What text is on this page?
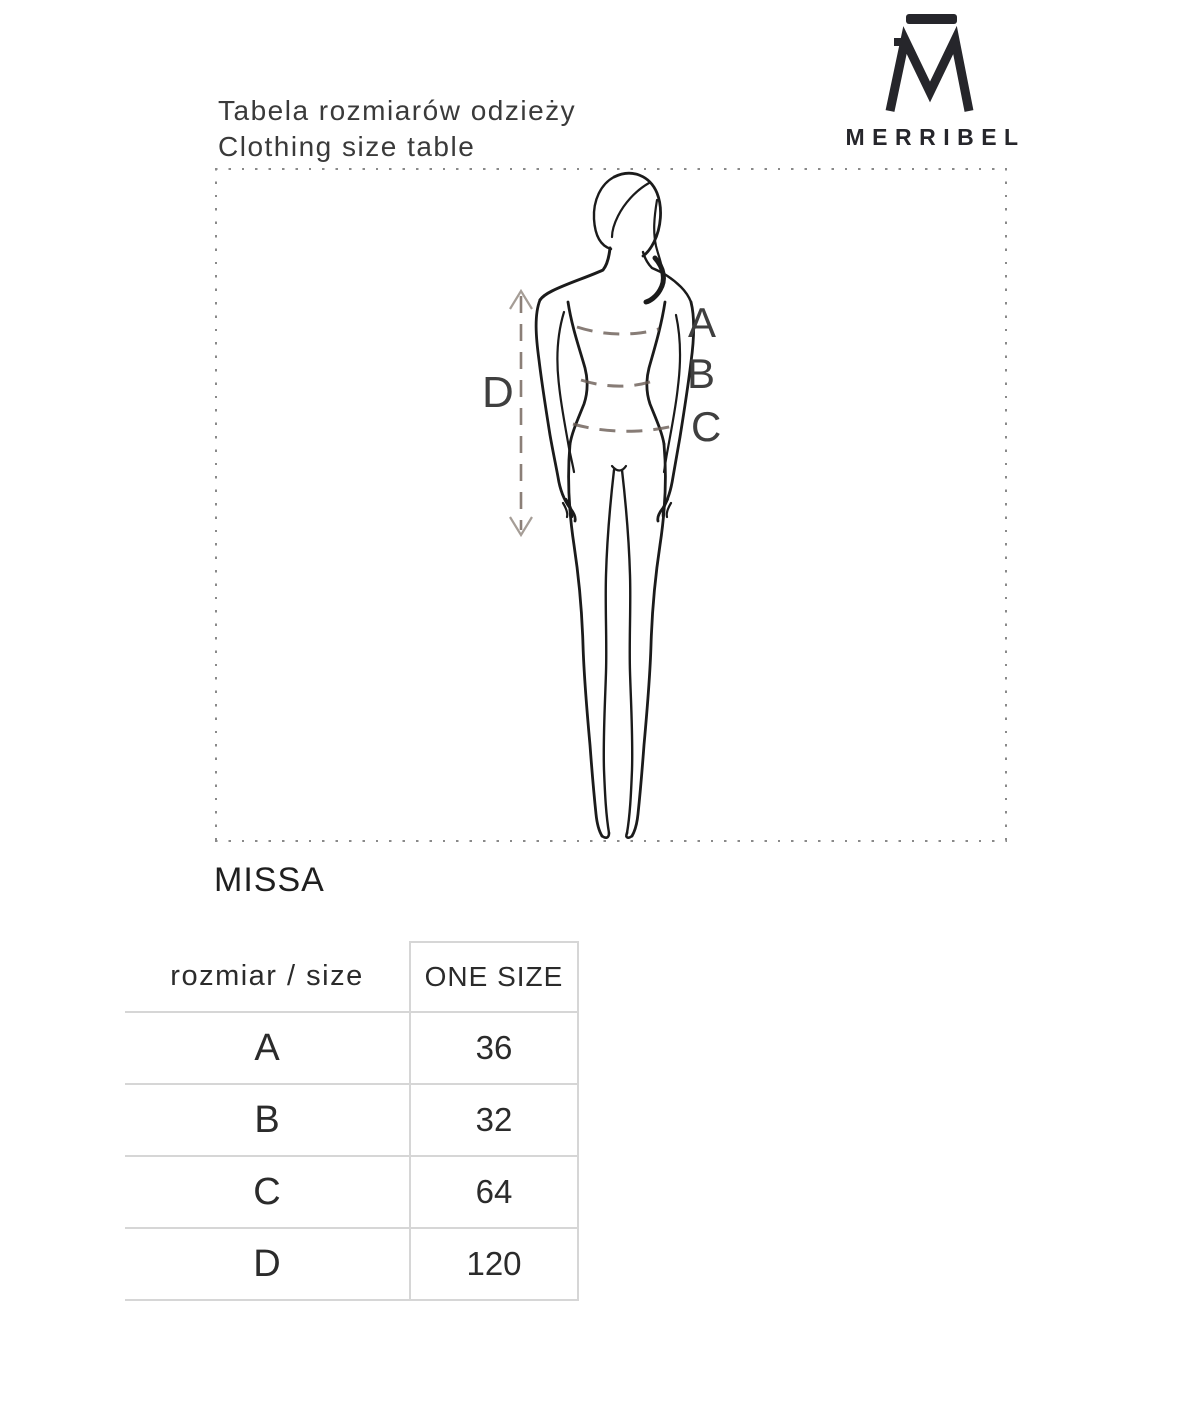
Tabela rozmiarów odzieży
Clothing size table	MERRIBEL
A
B
C
D
MISSA
rozmiar / size	ONE SIZE
A	36
B	32
C	64
D	120
